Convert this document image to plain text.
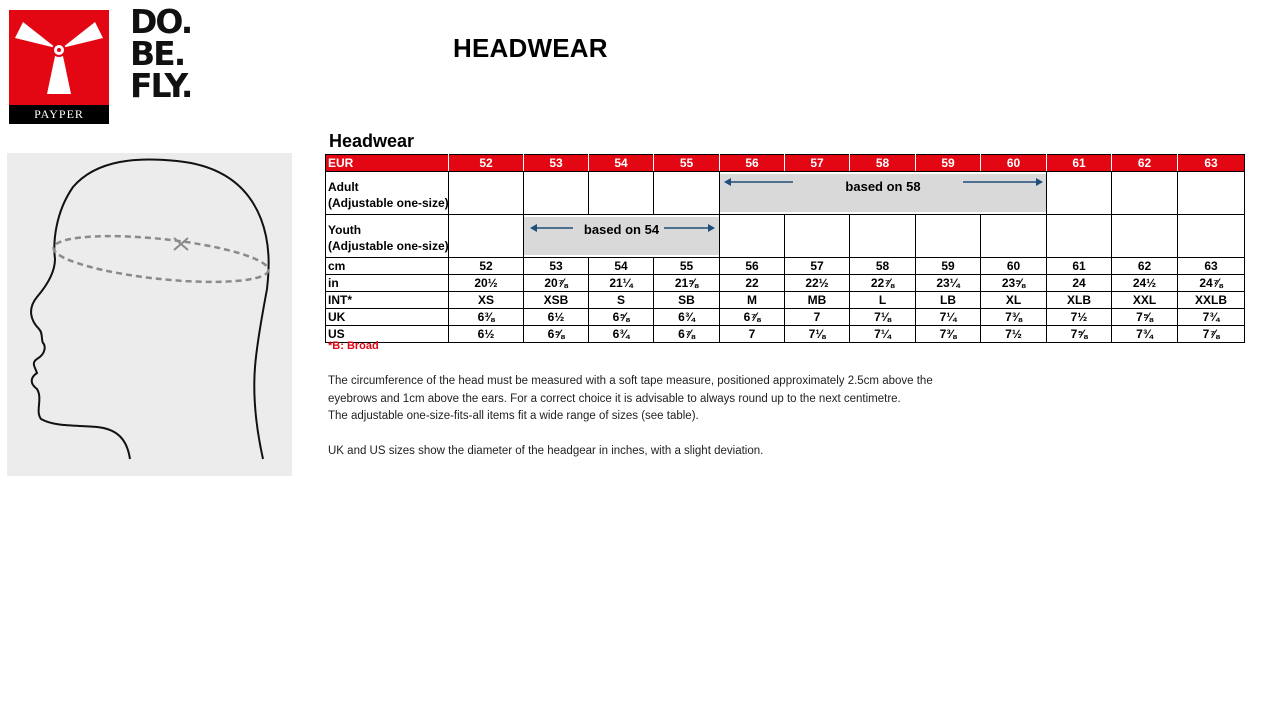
PAYPER
DO.
BE.
FLY.
HEADWEAR
Headwear
EUR	52	53	54	55	56	57	58	59	60	61	62	63

Adult
(Adjustable one-size)					based on 58							

Youth
(Adjustable one-size)		based on 54										

cm	52	53	54	55	56	57	58	59	60	61	62	63
in	20½	20⅞	21¼	21⅝	22	22½	22⅞	23¼	23⅝	24	24½	24⅞
INT*	XS	XSB	S	SB	M	MB	L	LB	XL	XLB	XXL	XXLB
UK	6⅜	6½	6⅝	6¾	6⅞	7	7⅛	7¼	7⅜	7½	7⅝	7¾
US	6½	6⅝	6¾	6⅞	7	7⅛	7¼	7⅜	7½	7⅝	7¾	7⅞
*B: Broad

The circumference of the head must be measured with a soft tape measure, positioned approximately 2.5cm above the

eyebrows and 1cm above the ears. For a correct choice it is advisable to always round up to the next centimetre.

The adjustable one-size-fits-all items fit a wide range of sizes (see table).

UK and US sizes show the diameter of the headgear in inches, with a slight deviation.
